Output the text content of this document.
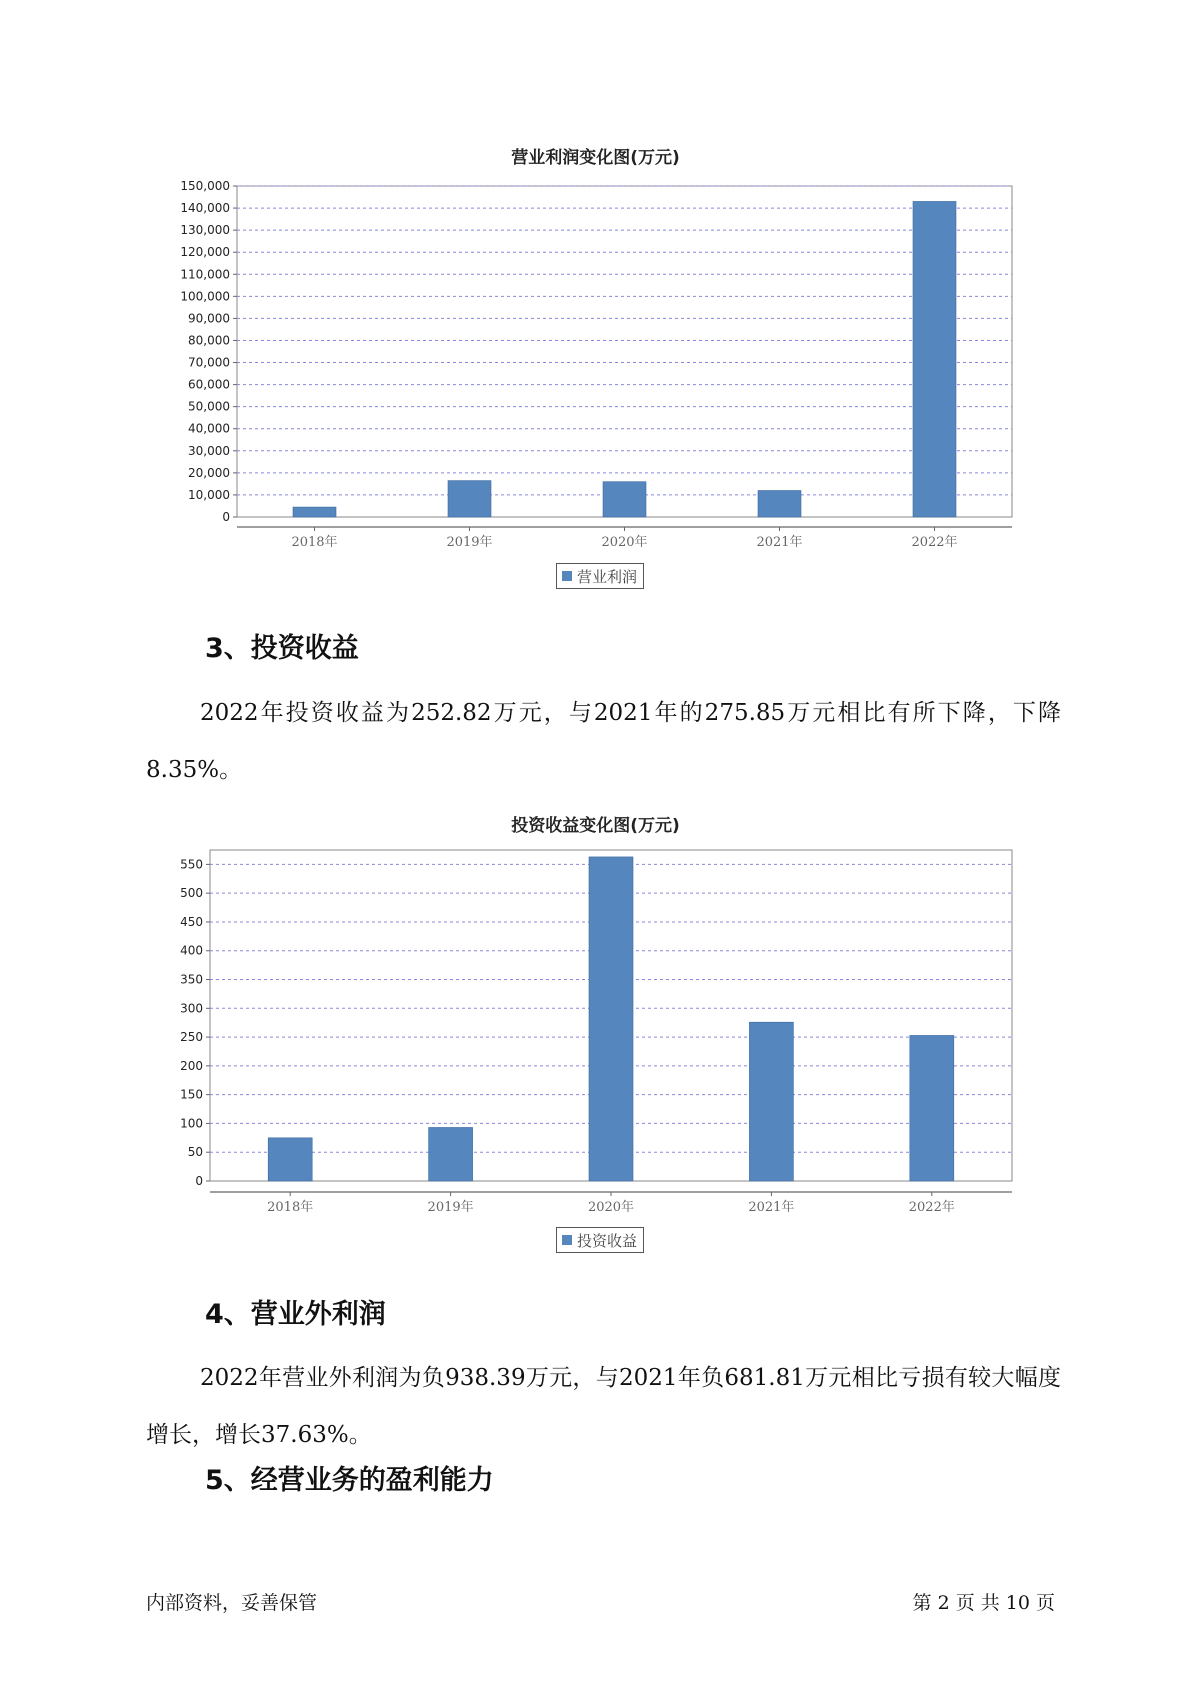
营业利润变化图(万元)
0
10,000
20,000
30,000
40,000
50,000
60,000
70,000
80,000
90,000
100,000
110,000
120,000
130,000
140,000
150,000
2018年	2019年	2020年	2021年	2022年
营业利润
3、投资收益

2022年投资收益为252.82万元，与2021年的275.85万元相比有所下降，下降8.35%。

投资收益变化图(万元)
0
50
100
150
200
250
300
350
400
450
500
550
2018年	2019年	2020年	2021年	2022年
投资收益
4、营业外利润

2022年营业外利润为负938.39万元，与2021年负681.81万元相比亏损有较大幅度增长，增长37.63%。

5、经营业务的盈利能力
内部资料，妥善保管	第 2 页 共 10 页
